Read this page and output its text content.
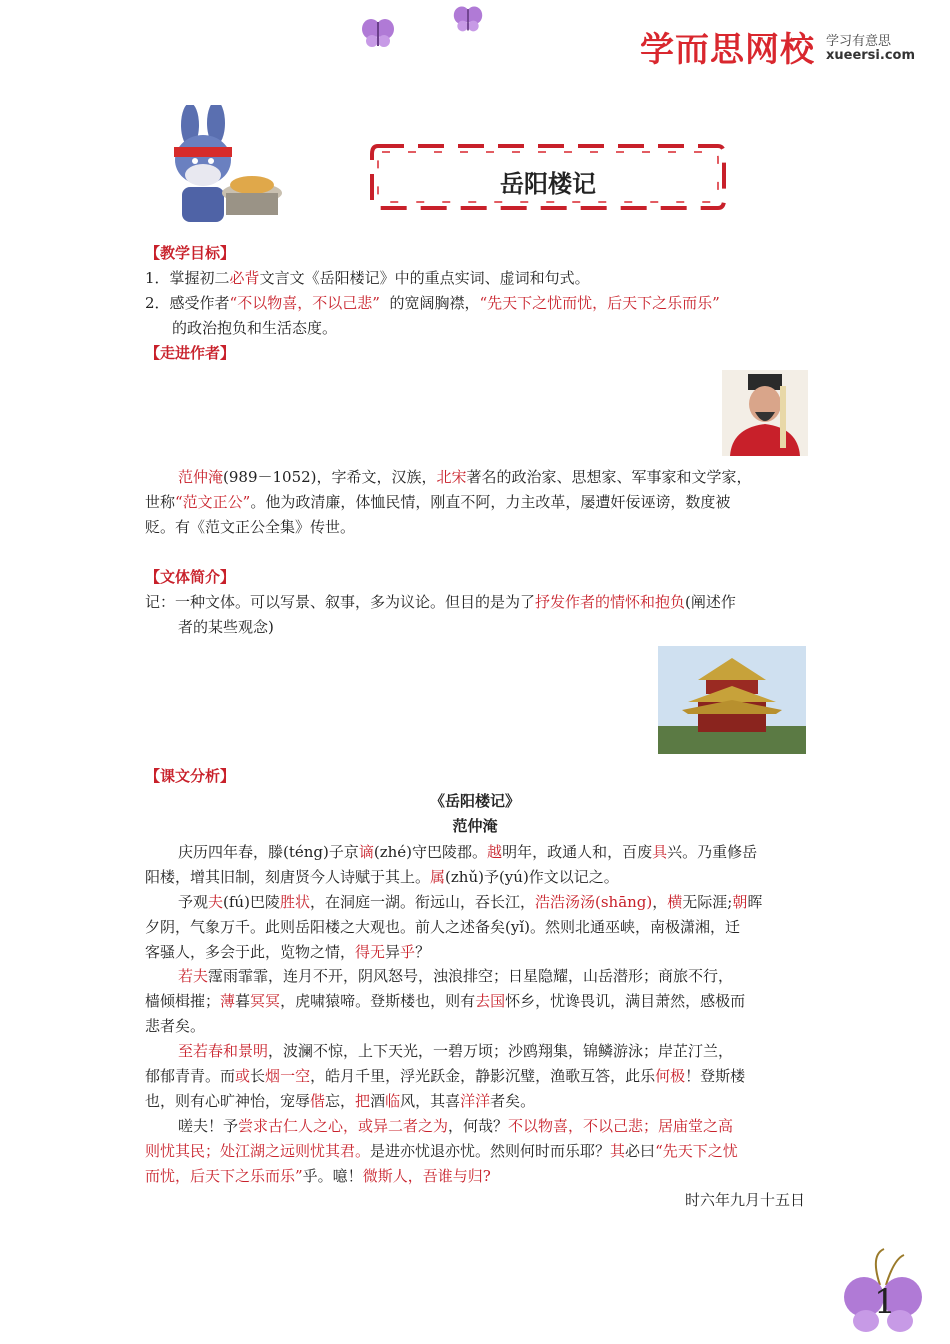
学而思网校 学习有意思
xueersi.com
岳阳楼记
【教学目标】
1．掌握初二必背文言文《岳阳楼记》中的重点实词、虚词和句式。
2．感受作者“不以物喜，不以己悲” 的宽阔胸襟，“先天下之忧而忧，后天下之乐而乐”
的政治抱负和生活态度。
【走进作者】
范仲淹(989－1052)，字希文，汉族，北宋著名的政治家、思想家、军事家和文学家，
世称“范文正公”。他为政清廉，体恤民情，刚直不阿，力主改革，屡遭奸佞诬谤，数度被
贬。有《范文正公全集》传世。
【文体简介】
记：一种文体。可以写景、叙事，多为议论。但目的是为了抒发作者的情怀和抱负(阐述作
者的某些观念)
【课文分析】
《岳阳楼记》
范仲淹
庆历四年春，滕(téng)子京谪(zhé)守巴陵郡。越明年，政通人和，百废具兴。乃重修岳
阳楼，增其旧制，刻唐贤今人诗赋于其上。属(zhǔ)予(yú)作文以记之。
予观夫(fú)巴陵胜状，在洞庭一湖。衔远山，吞长江，浩浩汤汤(shāng)，横无际涯;朝晖
夕阴，气象万千。此则岳阳楼之大观也。前人之述备矣(yǐ)。然则北通巫峡，南极潇湘，迁
客骚人，多会于此，览物之情，得无异乎？
若夫霪雨霏霏，连月不开，阴风怒号，浊浪排空；日星隐耀，山岳潜形；商旅不行，
樯倾楫摧；薄暮冥冥，虎啸猿啼。登斯楼也，则有去国怀乡，忧谗畏讥，满目萧然，感极而
悲者矣。
至若春和景明，波澜不惊，上下天光，一碧万顷；沙鸥翔集，锦鳞游泳；岸芷汀兰，
郁郁青青。而或长烟一空，皓月千里，浮光跃金，静影沉璧，渔歌互答，此乐何极！登斯楼
也，则有心旷神怡，宠辱偕忘，把酒临风，其喜洋洋者矣。
嗟夫！予尝求古仁人之心，或异二者之为，何哉？不以物喜，不以己悲；居庙堂之高
则忧其民；处江湖之远则忧其君。是进亦忧退亦忧。然则何时而乐耶？其必曰“先天下之忧
而忧，后天下之乐而乐”乎。噫！微斯人，吾谁与归?
时六年九月十五日
1
